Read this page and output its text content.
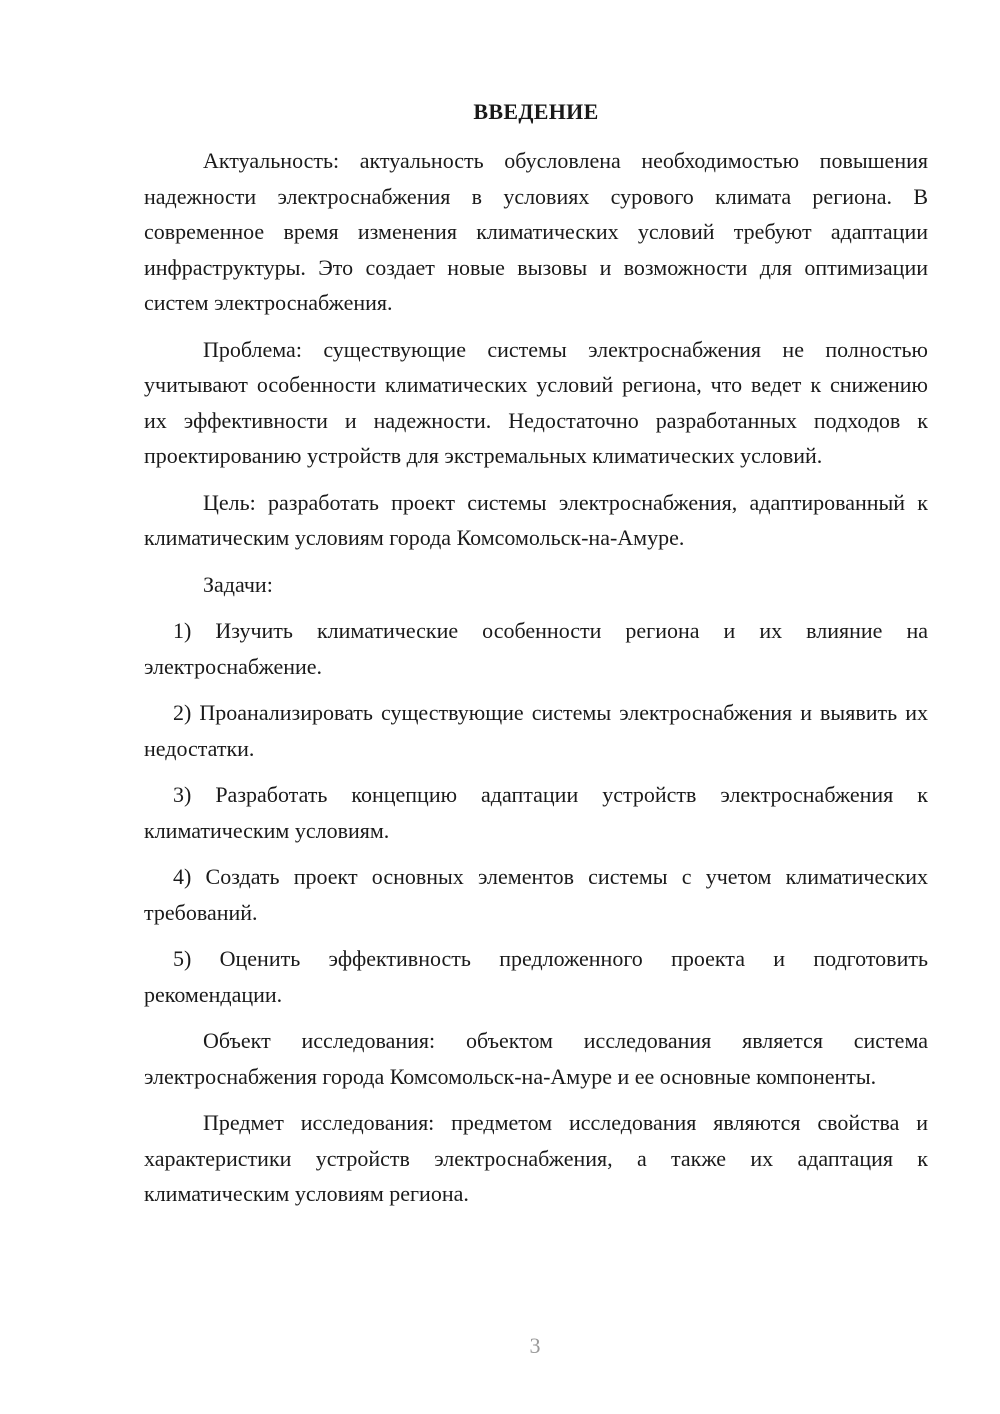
ВВЕДЕНИЕ

Актуальность: актуальность обусловлена необходимостью повышения надежности электроснабжения в условиях сурового климата региона. В современное время изменения климатических условий требуют адаптации инфраструктуры. Это создает новые вызовы и возможности для оптимизации систем электроснабжения.

Проблема: существующие системы электроснабжения не полностью учитывают особенности климатических условий региона, что ведет к снижению их эффективности и надежности. Недостаточно разработанных подходов к проектированию устройств для экстремальных климатических условий.

Цель: разработать проект системы электроснабжения, адаптированный к климатическим условиям города Комсомольск-на-Амуре.

Задачи:

1) Изучить климатические особенности региона и их влияние на электроснабжение.

2) Проанализировать существующие системы электроснабжения и выявить их недостатки.

3) Разработать концепцию адаптации устройств электроснабжения к климатическим условиям.

4) Создать проект основных элементов системы с учетом климатических требований.

5) Оценить эффективность предложенного проекта и подготовить рекомендации.

Объект исследования: объектом исследования является система электроснабжения города Комсомольск-на-Амуре и ее основные компоненты.

Предмет исследования: предметом исследования являются свойства и характеристики устройств электроснабжения, а также их адаптация к климатическим условиям региона.

3
